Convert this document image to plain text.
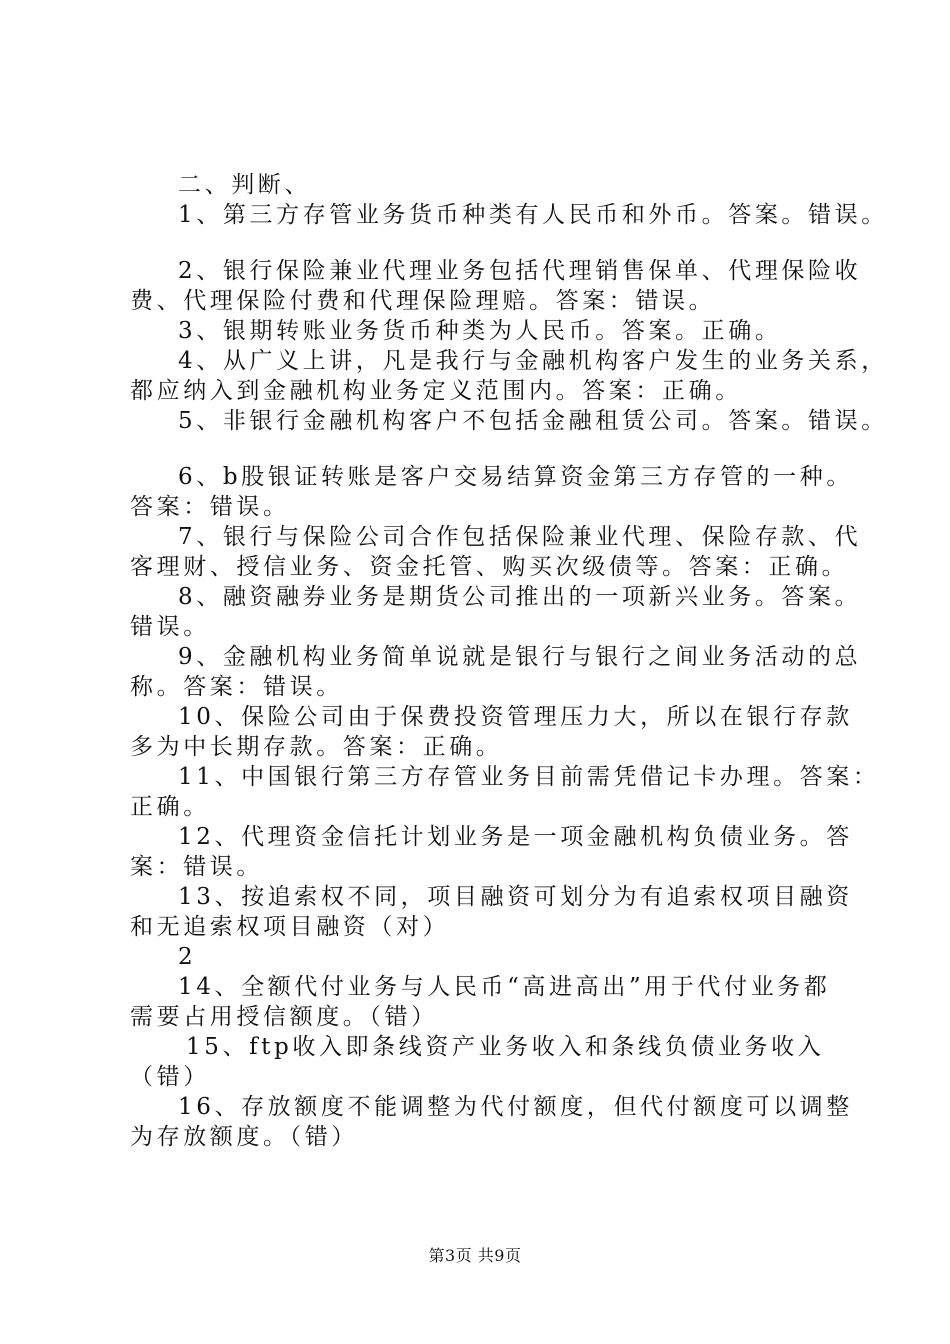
二、判断、

1、第三方存管业务货币种类有人民币和外币。答案。错误。

2、银行保险兼业代理业务包括代理销售保单、代理保险收

费、代理保险付费和代理保险理赔。答案：错误。

3、银期转账业务货币种类为人民币。答案。正确。

4、从广义上讲，凡是我行与金融机构客户发生的业务关系，

都应纳入到金融机构业务定义范围内。答案：正确。

5、非银行金融机构客户不包括金融租赁公司。答案。错误。

6、b股银证转账是客户交易结算资金第三方存管的一种。

答案：错误。

7、银行与保险公司合作包括保险兼业代理、保险存款、代

客理财、授信业务、资金托管、购买次级债等。答案：正确。

8、融资融券业务是期货公司推出的一项新兴业务。答案。

错误。

9、金融机构业务简单说就是银行与银行之间业务活动的总

称。答案：错误。

10、保险公司由于保费投资管理压力大，所以在银行存款

多为中长期存款。答案：正确。

11、中国银行第三方存管业务目前需凭借记卡办理。答案：

正确。

12、代理资金信托计划业务是一项金融机构负债业务。答

案：错误。

13、按追索权不同，项目融资可划分为有追索权项目融资

和无追索权项目融资（对）

2

14、全额代付业务与人民币“高进高出”用于代付业务都

需要占用授信额度。（错）

15、ftp收入即条线资产业务收入和条线负债业务收入

（错）

16、存放额度不能调整为代付额度，但代付额度可以调整

为存放额度。（错）

第3页 共9页
